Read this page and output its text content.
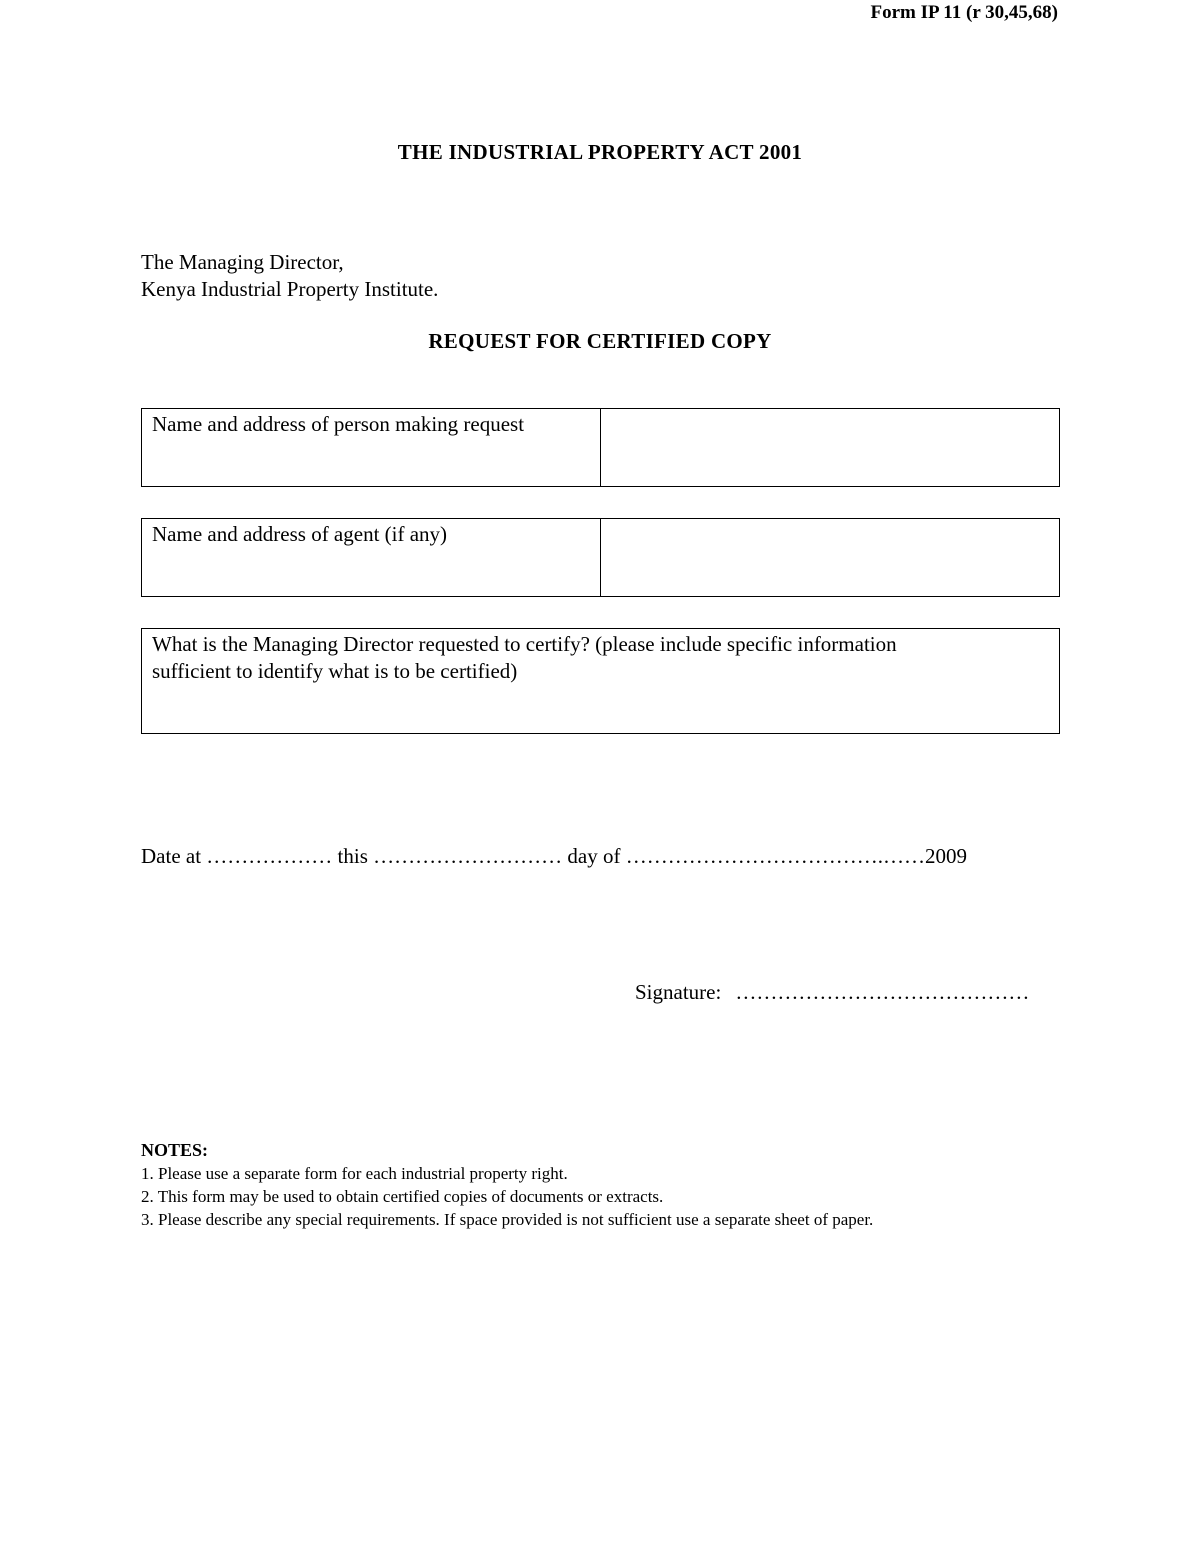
Form IP 11 (r 30,45,68)
THE INDUSTRIAL PROPERTY ACT 2001
The Managing Director,
Kenya Industrial Property Institute.
REQUEST FOR CERTIFIED COPY
Name and address of person making request
Name and address of agent (if any)
What is the Managing Director requested to certify? (please include specific information
sufficient to identify what is to be certified)
Date at ……………… this ……………………… day of ……………………………….……2009
Signature: ……………………………………
NOTES:
1. Please use a separate form for each industrial property right.
2. This form may be used to obtain certified copies of documents or extracts.
3. Please describe any special requirements. If space provided is not sufficient use a separate sheet of paper.
